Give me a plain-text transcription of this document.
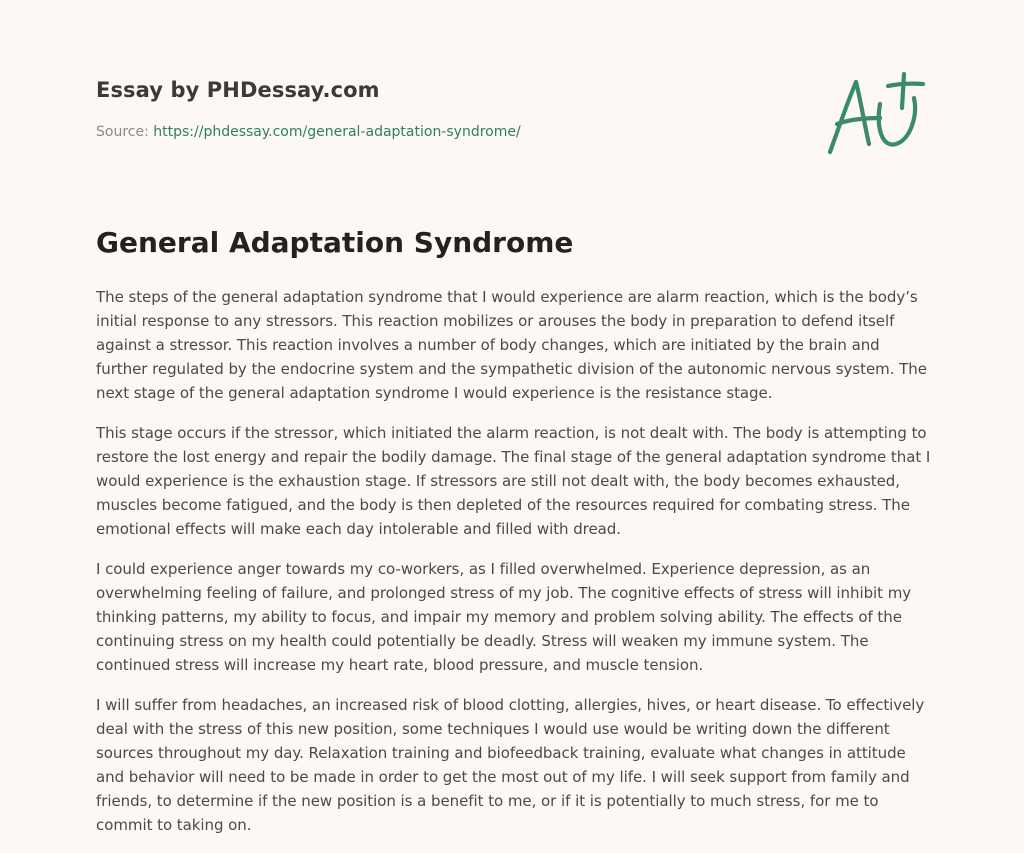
Essay by PHDessay.com
Source: https://phdessay.com/general-adaptation-syndrome/
General Adaptation Syndrome

The steps of the general adaptation syndrome that I would experience are alarm reaction, which is the body’s initial response to any stressors. This reaction mobilizes or arouses the body in preparation to defend itself against a stressor. This reaction involves a number of body changes, which are initiated by the brain and further regulated by the endocrine system and the sympathetic division of the autonomic nervous system. The next stage of the general adaptation syndrome I would experience is the resistance stage.

This stage occurs if the stressor, which initiated the alarm reaction, is not dealt with. The body is attempting to restore the lost energy and repair the bodily damage. The final stage of the general adaptation syndrome that I would experience is the exhaustion stage. If stressors are still not dealt with, the body becomes exhausted, muscles become fatigued, and the body is then depleted of the resources required for combating stress. The emotional effects will make each day intolerable and filled with dread.

I could experience anger towards my co-workers, as I filled overwhelmed. Experience depression, as an overwhelming feeling of failure, and prolonged stress of my job. The cognitive effects of stress will inhibit my thinking patterns, my ability to focus, and impair my memory and problem solving ability. The effects of the continuing stress on my health could potentially be deadly. Stress will weaken my immune system. The continued stress will increase my heart rate, blood pressure, and muscle tension.

I will suffer from headaches, an increased risk of blood clotting, allergies, hives, or heart disease. To effectively deal with the stress of this new position, some techniques I would use would be writing down the different sources throughout my day. Relaxation training and biofeedback training, evaluate what changes in attitude and behavior will need to be made in order to get the most out of my life. I will seek support from family and friends, to determine if the new position is a benefit to me, or if it is potentially to much stress, for me to commit to taking on.
